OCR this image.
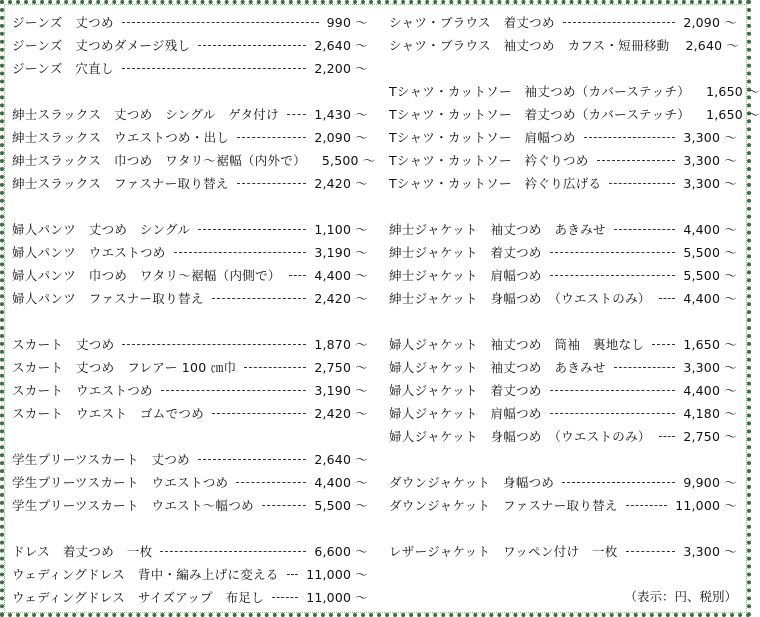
ジーンズ　丈つめ	990 ～
ジーンズ　丈つめダメージ残し	2,640 ～
ジーンズ　穴直し	2,200 ～
紳士スラックス　丈つめ　シングル　ゲタ付け	1,430 ～
紳士スラックス　ウエストつめ・出し	2,090 ～
紳士スラックス　巾つめ　ワタリ～裾幅（内外で） 5,500 ～
紳士スラックス　ファスナー取り替え	2,420 ～
婦人パンツ　丈つめ　シングル	1,100 ～
婦人パンツ　ウエストつめ	3,190 ～
婦人パンツ　巾つめ　ワタリ～裾幅（内側で）	4,400 ～
婦人パンツ　ファスナー取り替え	2,420 ～
スカート　丈つめ	1,870 ～
スカート　丈つめ　フレアー 100 ㎝巾	2,750 ～
スカート　ウエストつめ	3,190 ～
スカート　ウエスト　ゴムでつめ	2,420 ～
学生プリーツスカート　丈つめ	2,640 ～
学生プリーツスカート　ウエストつめ	4,400 ～
学生プリーツスカート　ウエスト～幅つめ	5,500 ～
ドレス　着丈つめ　一枚	6,600 ～
ウェディングドレス　背中・編み上げに変える 11,000 ～
ウェディングドレス　サイズアップ　布足し	11,000 ～
シャツ・ブラウス　着丈つめ	2,090 ～
シャツ・ブラウス　袖丈つめ　カフス・短冊移動 2,640 ～
Tシャツ・カットソー　袖丈つめ（カバーステッチ） 1,650 ～
Tシャツ・カットソー　着丈つめ（カバーステッチ） 1,650 ～
Tシャツ・カットソー　肩幅つめ	3,300 ～
Tシャツ・カットソー　衿ぐりつめ	3,300 ～
Tシャツ・カットソー　衿ぐり広げる	3,300 ～
紳士ジャケット　袖丈つめ　あきみせ	4,400 ～
紳士ジャケット　着丈つめ	5,500 ～
紳士ジャケット　肩幅つめ	5,500 ～
紳士ジャケット　身幅つめ　（ウエストのみ）	4,400 ～
婦人ジャケット　袖丈つめ　筒袖　裏地なし	1,650 ～
婦人ジャケット　袖丈つめ　あきみせ	3,300 ～
婦人ジャケット　着丈つめ	4,400 ～
婦人ジャケット　肩幅つめ	4,180 ～
婦人ジャケット　身幅つめ　（ウエストのみ）	2,750 ～
ダウンジャケット　身幅つめ	9,900 ～
ダウンジャケット　ファスナー取り替え	11,000 ～
レザージャケット　ワッペン付け　一枚	3,300 ～
（表示：円、税別）
